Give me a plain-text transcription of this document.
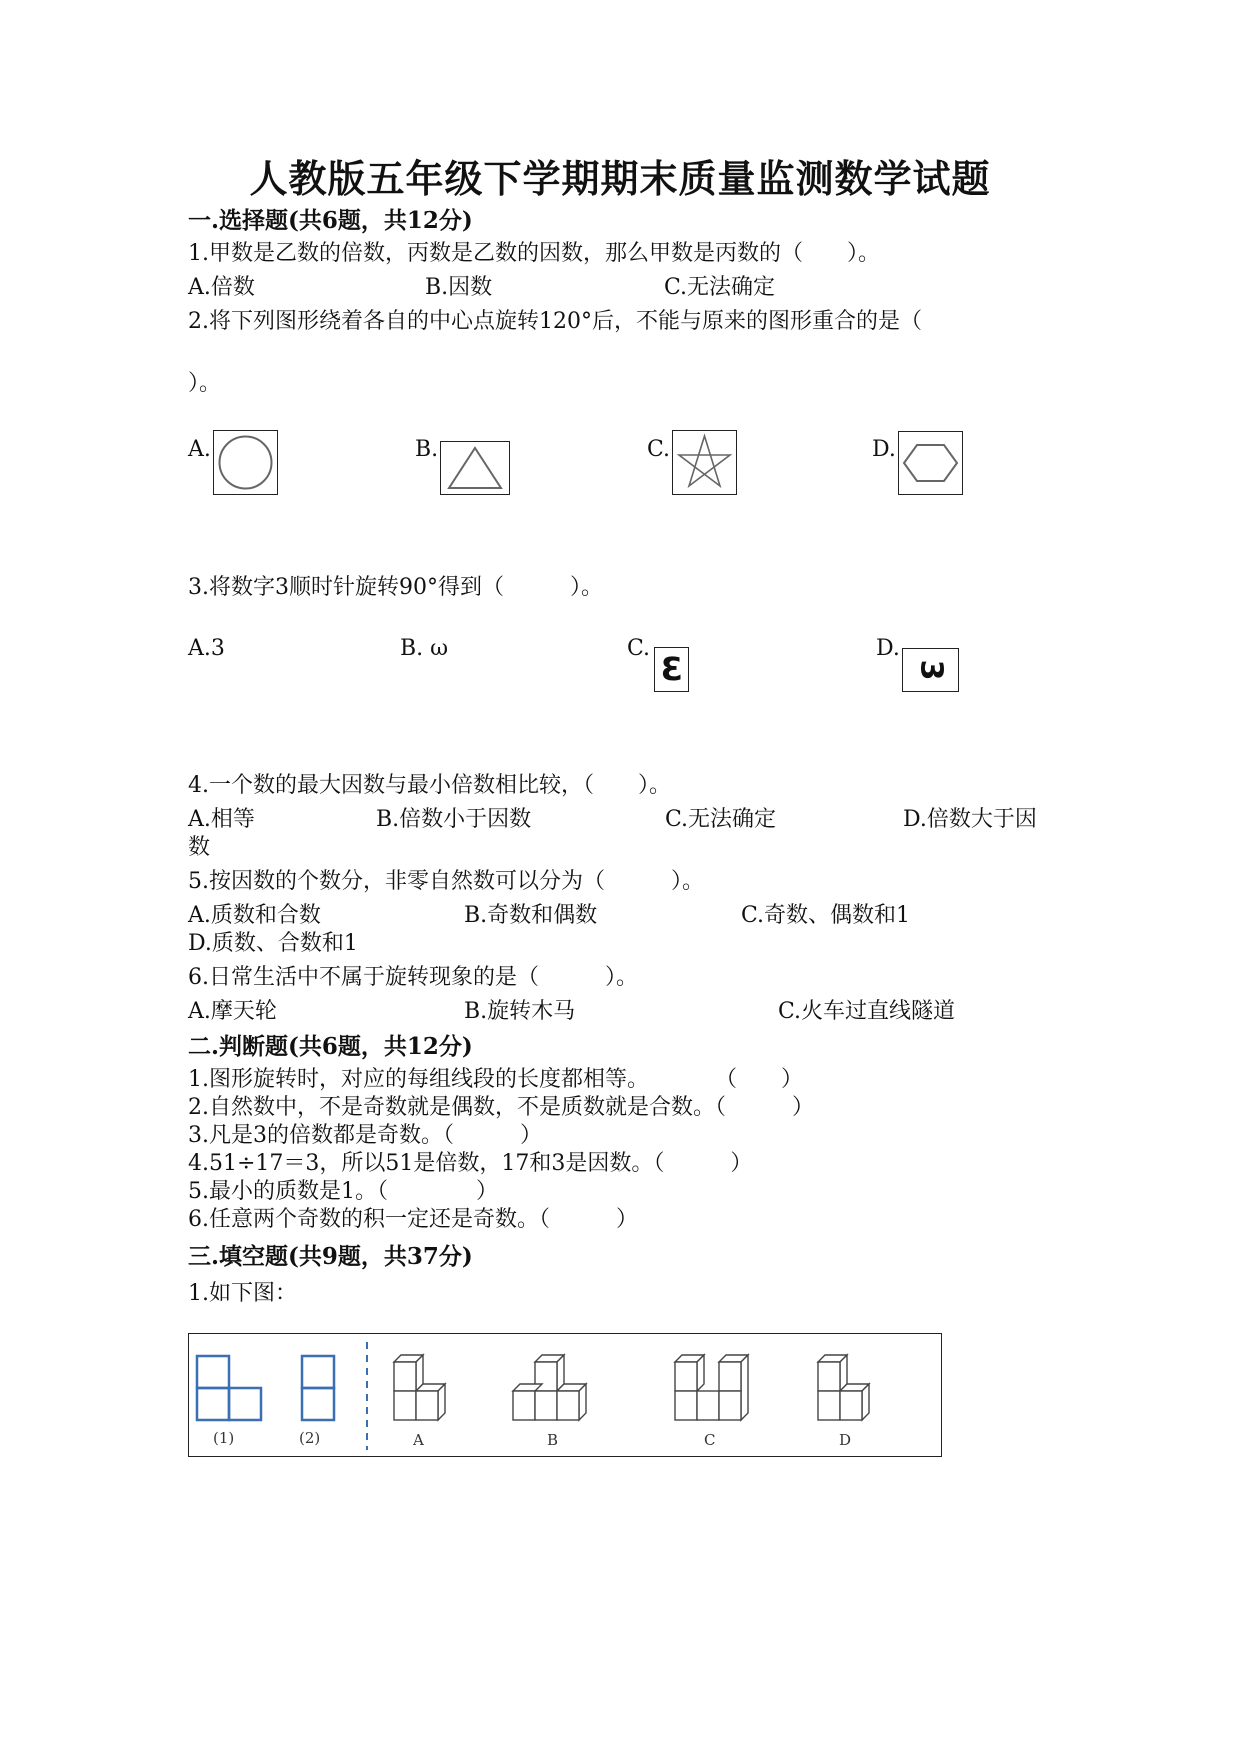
人教版五年级下学期期末质量监测数学试题
一.选择题(共6题，共12分)
1.甲数是乙数的倍数，丙数是乙数的因数，那么甲数是丙数的（　　）。
A.倍数	B.因数	C.无法确定
2.将下列图形绕着各自的中心点旋转120°后，不能与原来的图形重合的是（
）。
A.	B.	C.	D.
3.将数字3顺时针旋转90°得到（　　　）。
A.3	B. ω	C.
3
D.
3
4.一个数的最大因数与最小倍数相比较，（　　）。
A.相等	B.倍数小于因数	C.无法确定	D.倍数大于因
数
5.按因数的个数分，非零自然数可以分为（　　　）。
A.质数和合数	B.奇数和偶数	C.奇数、偶数和1
D.质数、合数和1
6.日常生活中不属于旋转现象的是（　　　）。
A.摩天轮	B.旋转木马	C.火车过直线隧道
二.判断题(共6题，共12分)
1.图形旋转时，对应的每组线段的长度都相等。　　　　（　　）
2.自然数中，不是奇数就是偶数，不是质数就是合数。（　　　）
3.凡是3的倍数都是奇数。（　　　）
4.51÷17＝3，所以51是倍数，17和3是因数。（　　　）
5.最小的质数是1。（　　　　）
6.任意两个奇数的积一定还是奇数。（　　　）
三.填空题(共9题，共37分)
1.如下图：
(1)	(2)	A	B	C	D
